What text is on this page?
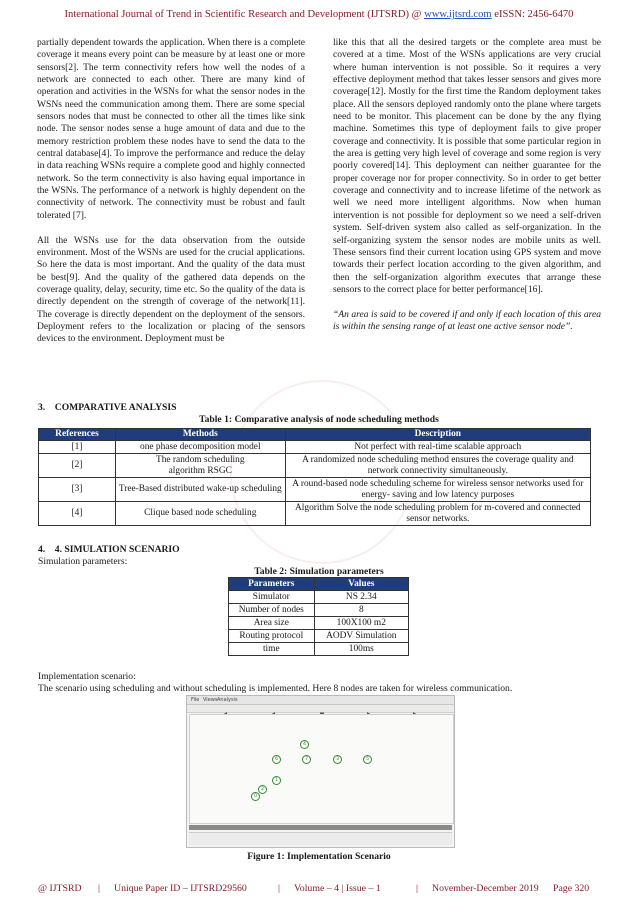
International Journal of Trend in Scientific Research and Development (IJTSRD) @ www.ijtsrd.com eISSN: 2456-6470

partially dependent towards the application. When there is a complete coverage it means every point can be measure by at least one or more sensors[2]. The term connectivity refers how well the nodes of a network are connected to each other. There are many kind of operation and activities in the WSNs for what the sensor nodes in the WSNs need the communication among them. There are some special sensors nodes that must be connected to other all the times like sink node. The sensor nodes sense a huge amount of data and due to the memory restriction problem these nodes have to send the data to the central database[4]. To improve the performance and reduce the delay in data reaching WSNs require a complete good and highly connected network. So the term connectivity is also having equal importance in the WSNs. The performance of a network is highly dependent on the connectivity of network. The connectivity must be robust and fault tolerated [7].

All the WSNs use for the data observation from the outside environment. Most of the WSNs are used for the crucial applications. So here the data is most important. And the quality of the data must be best[9]. And the quality of the gathered data depends on the coverage quality, delay, security, time etc. So the quality of the data is directly dependent on the strength of coverage of the network[11]. The coverage is directly dependent on the deployment of the sensors. Deployment refers to the localization or placing of the sensors devices to the environment. Deployment must be

like this that all the desired targets or the complete area must be covered at a time. Most of the WSNs applications are very crucial where human intervention is not possible. So it requires a very effective deployment method that takes lesser sensors and gives more coverage[12]. Mostly for the first time the Random deployment takes place. All the sensors deployed randomly onto the plane where targets need to be monitor. This placement can be done by the any flying machine. Sometimes this type of deployment fails to give proper coverage and connectivity. It is possible that some particular region in the area is getting very high level of coverage and some region is very poorly covered[14]. This deployment can neither guarantee for the proper coverage nor for proper connectivity. So in order to get better coverage and connectivity and to increase lifetime of the network as well we need more intelligent algorithms. Now when human intervention is not possible for deployment so we need a self-driven system. Self-driven system also called as self-organization. In the self-organizing system the sensor nodes are mobile units as well. These sensors find their current location using GPS system and move towards their perfect location according to the given algorithm, and then the self-organization algorithm executes that arrange these sensors to the correct place for better performance[16].

“An area is said to be covered if and only if each location of this area is within the sensing range of at least one active sensor node”.

3. COMPARATIVE ANALYSIS
Table 1: Comparative analysis of node scheduling methods
References	Methods	Description
[1]	one phase decomposition model	Not perfect with real-time scalable approach
[2]	The random scheduling algorithm RSGC	A randomized node scheduling method ensures the coverage quality and network connectivity simultaneously.
[3]	Tree-Based distributed wake-up scheduling	A round-based node scheduling scheme for wireless sensor networks used for energy- saving and low latency purposes
[4]	Clique based node scheduling	Algorithm Solve the node scheduling problem for m-covered and connected sensor networks.
4. 4. SIMULATION SCENARIO
Simulation parameters:
Table 2: Simulation parameters
Parameters	Values
Simulator	NS 2.34
Number of nodes	8
Area size	100X100 m2
Routing protocol	AODV Simulation
time	100ms
Implementation scenario:
The scenario using scheduling and without scheduling is implemented. Here 8 nodes are taken for wireless communication.
File Views Analysis
4
6	7	3	5
1
2
0
Figure 1: Implementation Scenario
@ IJTSRD | Unique Paper ID – IJTSRD29560	| Volume – 4 | Issue – 1	| November-December 2019 Page 320
